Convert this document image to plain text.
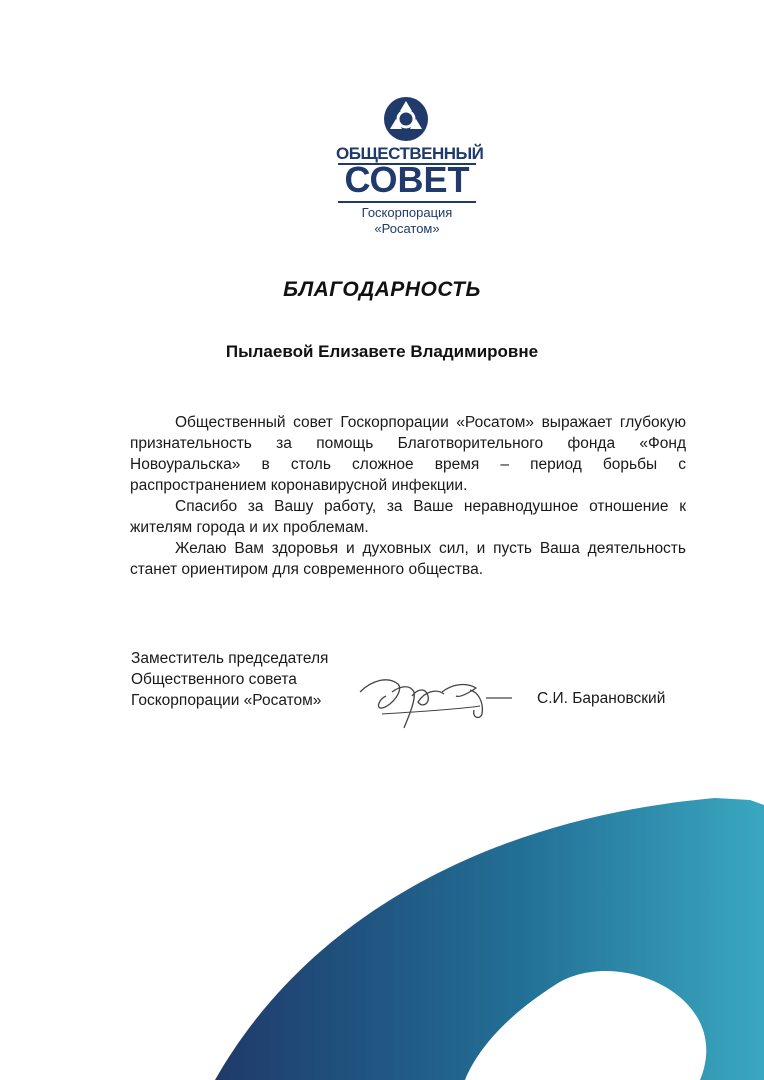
ОБЩЕСТВЕННЫЙ
СОВЕТ
Госкорпорация
«Росатом»
БЛАГОДАРНОСТЬ
Пылаевой Елизавете Владимировне

Общественный совет Госкорпорации «Росатом» выражает глубокую признательность за помощь Благотворительного фонда «Фонд Новоуральска» в столь сложное время – период борьбы с распространением коронавирусной инфекции.

Спасибо за Вашу работу, за Ваше неравнодушное отношение к жителям города и их проблемам.

Желаю Вам здоровья и духовных сил, и пусть Ваша деятельность станет ориентиром для современного общества.

Заместитель председателя
Общественного совета
Госкорпорации «Росатом»	С.И. Барановский
